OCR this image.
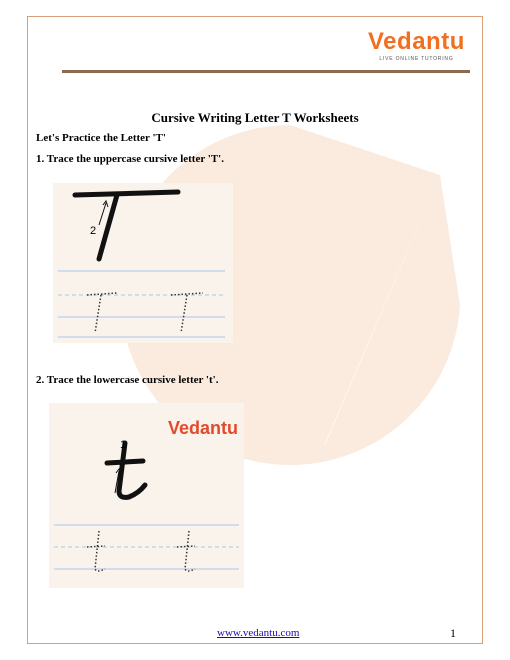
Vedantu
LIVE ONLINE TUTORING
Cursive Writing Letter T Worksheets
Let's Practice the Letter 'T'
1. Trace the uppercase cursive letter 'T'.
2
2. Trace the lowercase cursive letter 't'.
1
Vedantu
www.vedantu.com	1
